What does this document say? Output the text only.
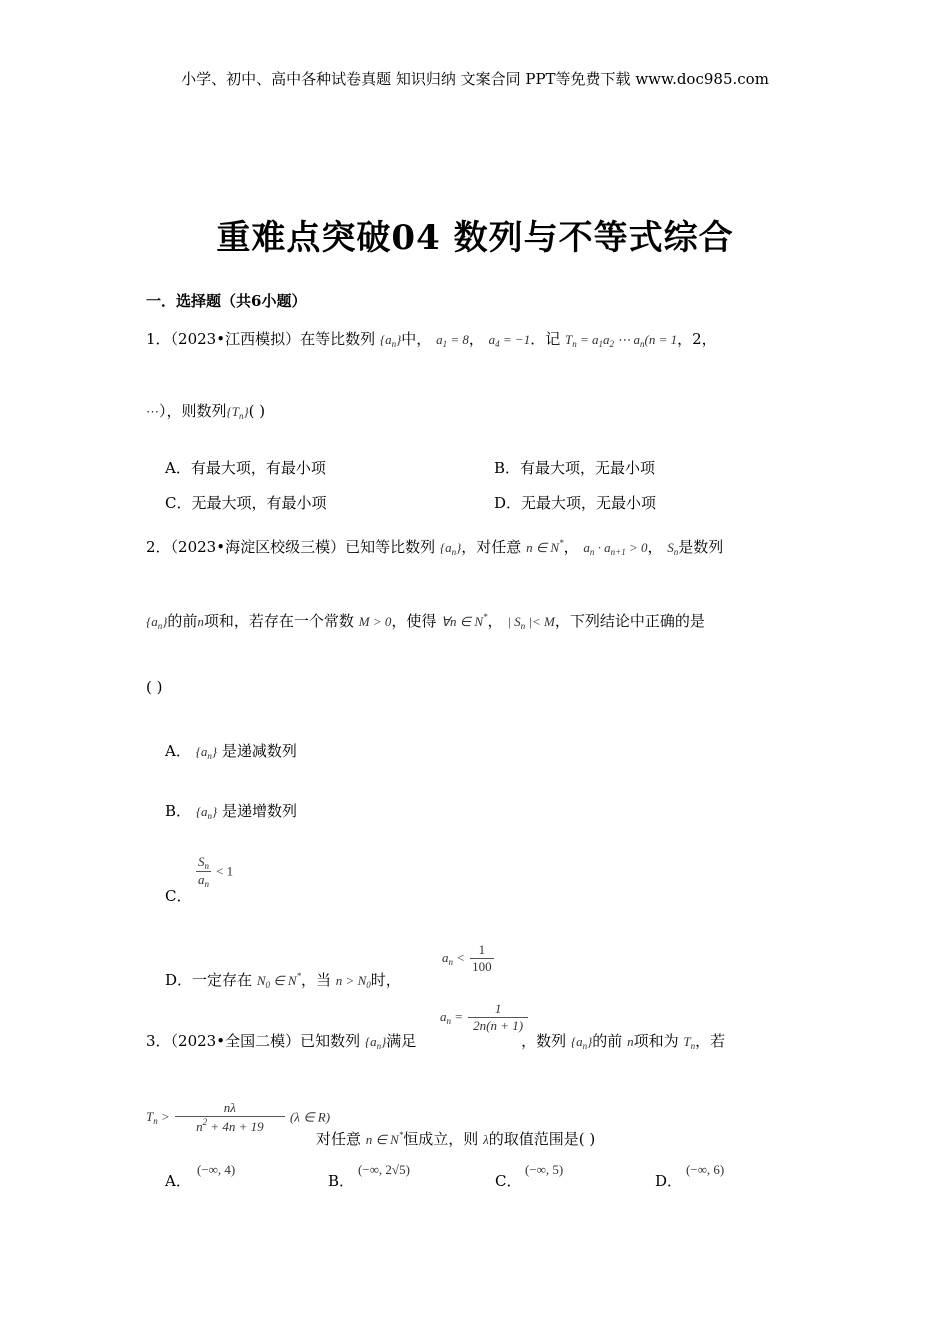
小学、初中、高中各种试卷真题 知识归纳 文案合同 PPT等免费下载 www.doc985.com
重难点突破04 数列与不等式综合
一．选择题（共6小题）
1．（2023•江西模拟）在等比数列 $\{a_n\}$中， $a_1 = 8$， $a_4 = -1$．记 $T_n = a_1a_2$ ⋯ $a_n(n = 1$，2，
⋯），则数列$\{T_n\}$( )
A．有最大项，有最小项	B．有最大项，无最小项
C．无最大项，有最小项	D．无最大项，无最小项
2．（2023•海淀区校级三模）已知等比数列 $\{a_n\}$，对任意 n ∈ N*， $a_n \cdot a_{n+1} > 0$， $S_n$是数列
$\{a_n\}$的前n项和，若存在一个常数 M > 0，使得 ∀n ∈ N*， | $S_n$ |< M，下列结论中正确的是
( )
A． $\{a_n\}$ 是递减数列
B． $\{a_n\}$ 是递增数列
C．
$\frac{S_n}{a_n} < 1$
D．一定存在 $N_0$ ∈ N*，当 $n > N_0$时，
$a_n < \frac{1}{100}$
$a_n = \frac{1}{2n(n + 1)}$
3．（2023•全国二模）已知数列 $\{a_n\}$满足	，数列 $\{a_n\}$的前 n项和为 $T_n$，若
$T_n > \frac{n\lambda}{n^2 + 4n + 19} (\lambda$ ∈ R)
对任意 n ∈ N*恒成立，则 λ的取值范围是( )
A．
(−∞, 4)
B．
(−∞, 2√5)
C．
(−∞, 5)
D．
(−∞, 6)
